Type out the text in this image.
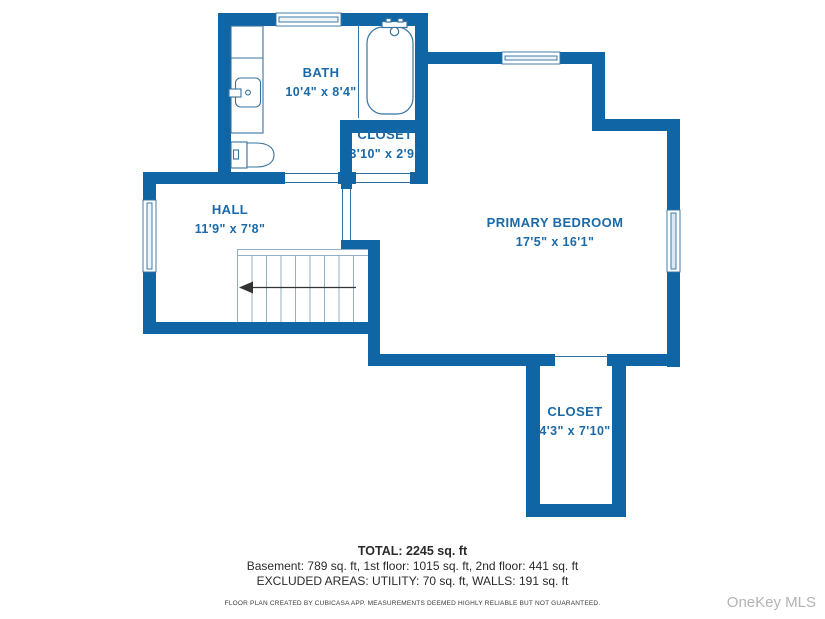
BATH
10'4" x 8'4"
CLOSET
3'10" x 2'9"
HALL
11'9" x 7'8"	PRIMARY BEDROOM
17'5" x 16'1"
CLOSET
4'3" x 7'10"
TOTAL: 2245 sq. ft
Basement: 789 sq. ft, 1st floor: 1015 sq. ft, 2nd floor: 441 sq. ft
EXCLUDED AREAS: UTILITY: 70 sq. ft, WALLS: 191 sq. ft
FLOOR PLAN CREATED BY CUBICASA APP. MEASUREMENTS DEEMED HIGHLY RELIABLE BUT NOT GUARANTEED.	OneKey MLS
